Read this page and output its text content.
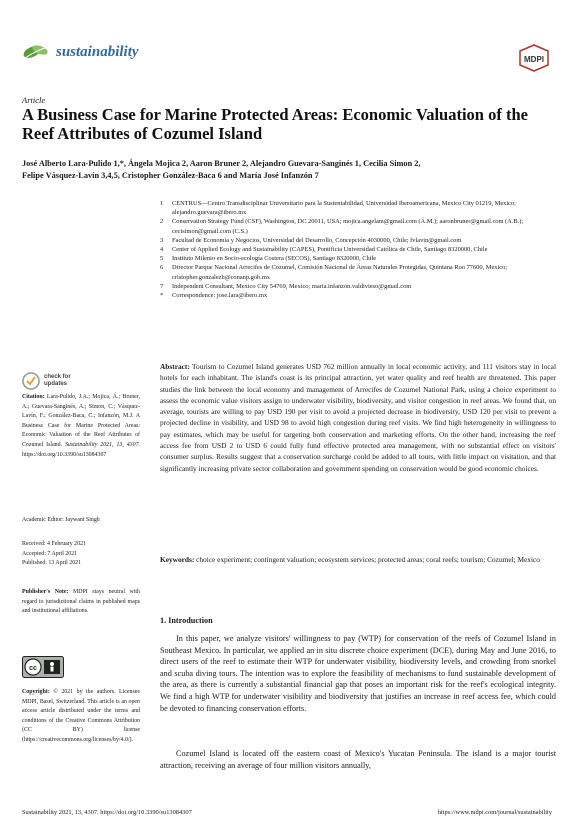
sustainability	MDPI
Article
A Business Case for Marine Protected Areas: Economic Valuation of the Reef Attributes of Cozumel Island
José Alberto Lara-Pulido 1,*, Ángela Mojica 2, Aaron Bruner 2, Alejandro Guevara-Sanginés 1, Cecilia Simon 2,
Felipe Vásquez-Lavín 3,4,5, Cristopher González-Baca 6 and María José Infanzón 7
1	CENTRUS—Centro Transdisciplinar Universitario para la Sustentabilidad, Universidad Iberoamericana, Mexico City 01219, Mexico; alejandro.guevara@ibero.mx
2	Conservation Strategy Fund (CSF), Washington, DC 20011, USA; mojica.angelam@gmail.com (Á.M.); aaronbruner@gmail.com (A.B.); cecisimon@gmail.com (C.S.)
3	Facultad de Economía y Negocios, Universidad del Desarrollo, Concepción 4030000, Chile; fvlavin@gmail.com
4	Center of Applied Ecology and Sustainability (CAPES), Pontificia Universidad Católica de Chile, Santiago 8320000, Chile
5	Instituto Milenio en Socio-ecología Costera (SECOS), Santiago 8320000, Chile
6	Director Parque Nacional Arrecifes de Cozumel, Comisión Nacional de Áreas Naturales Protegidas, Quintana Roo 77600, Mexico; cristopher.gonzalezb@conanp.gob.mx
7	Independent Consultant, Mexico City 54769, Mexico; maria.infanzon.valdivieso@gmail.com
*	Correspondence: jose.lara@ibero.mx
check for
updates
Citation: Lara-Pulido, J.A.; Mojica, Á.; Bruner, A.; Guevara-Sanginés, A.; Simon, C.; Vásquez-Lavín, F.; González-Baca, C.; Infanzón, M.J. A Business Case for Marine Protected Areas: Economic Valuation of the Reef Attributes of Cozumel Island. Sustainability 2021, 13, 4307. https://doi.org/10.3390/su13084307
Academic Editor: Jaywant Singh
Received: 4 February 2021
Accepted: 7 April 2021
Published: 13 April 2021
Publisher's Note: MDPI stays neutral with regard to jurisdictional claims in published maps and institutional affiliations.
cc
Copyright: © 2021 by the authors. Licensee MDPI, Basel, Switzerland. This article is an open access article distributed under the terms and conditions of the Creative Commons Attribution (CC BY) license (https://creativecommons.org/licenses/by/4.0/).
Abstract: Tourism to Cozumel Island generates USD 762 million annually in local economic activity, and 111 visitors stay in local hotels for each inhabitant. The island's coast is its principal attraction, yet water quality and reef health are threatened. This paper studies the link between the local economy and management of Arrecifes de Cozumel National Park, using a choice experiment to assess the economic value visitors assign to underwater visibility, biodiversity, and visitor congestion in reef areas. We found that, on average, tourists are willing to pay USD 190 per visit to avoid a projected decrease in biodiversity, USD 120 per visit to prevent a projected decline in visibility, and USD 98 to avoid high congestion during reef visits. We find high heterogeneity in willingness to pay estimates, which may be useful for targeting both conservation and marketing efforts. On the other hand, increasing the reef access fee from USD 2 to USD 6 could fully fund effective protected area management, with no substantial effect on visitors' consumer surplus. Results suggest that a conservation surcharge could be added to all tours, with little impact on visitation, and that significantly increasing private sector collaboration and government spending on conservation would be good economic choices.
Keywords: choice experiment; contingent valuation; ecosystem services; protected areas; coral reefs; tourism; Cozumel; Mexico
1. Introduction
In this paper, we analyze visitors' willingness to pay (WTP) for conservation of the reefs of Cozumel Island in Southeast Mexico. In particular, we applied an in situ discrete choice experiment (DCE), during May and June 2016, to direct users of the reef to estimate their WTP for underwater visibility, biodiversity levels, and crowding from snorkel and scuba diving tours. The intention was to explore the feasibility of mechanisms to fund sustainable development of the area, as there is currently a substantial financial gap that poses an important risk for the reef's ecological integrity. We find a high WTP for underwater visibility and biodiversity that justifies an increase in reef access fee, which could be devoted to financing conservation efforts.
Cozumel Island is located off the eastern coast of Mexico's Yucatan Peninsula. The island is a major tourist attraction, receiving an average of four million visitors annually,
Sustainability 2021, 13, 4307. https://doi.org/10.3390/su13084307	https://www.mdpi.com/journal/sustainability
